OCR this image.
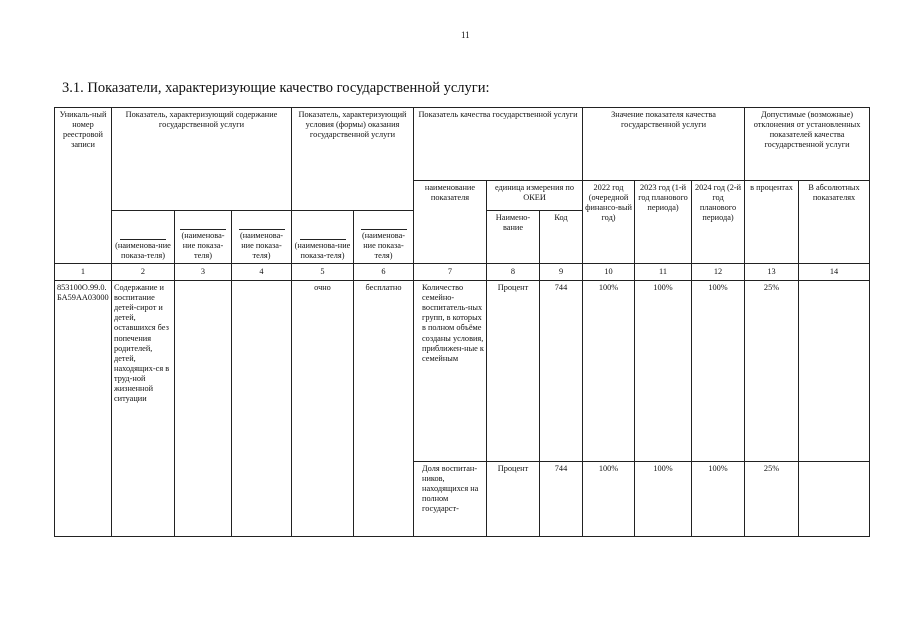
11
3.1. Показатели, характеризующие качество государственной услуги:
Уникаль-ный номер реестровой записи	Показатель, характеризующий содержание государственной услуги			Показатель, характеризующий условия (формы) оказания государственной услуги		Показатель качества государственной услуги			Значение показателя качества государственной услуги			Допустимые (возможные) отклонения от установленных показателей качества государственной услуги	
						наименование показателя	единица измерения по ОКЕИ		2022 год (очередной финансо-вый год)	2023 год (1-й год планового периода)	2024 год (2-й год планового периода)	в процентах	В абсолютных показателях
							Наимено-вание	Код					

(наименова-ние показа-теля)	(наименова-ние показа-теля)	(наименова-ние показа-теля)	(наименова-ние показа-теля)	(наименова-ние показа-теля)								
1	2	3	4	5	6	7	8	9	10	11	12	13	14
853100О.99.0.БА59АА03000	Содержание и воспитание детей-сирот и детей, оставшихся без попечения родителей, детей, находящих-ся в труд-ной жизненной ситуации			очно	бесплатно	Количество семейно-воспитатель-ных групп, в которых в полном объёме созданы условия, приближен-ные к семейным	Процент	744	100%	100%	100%	25%	
						Доля воспитан-ников, находящихся на полном государст-	Процент	744	100%	100%	100%	25%	
